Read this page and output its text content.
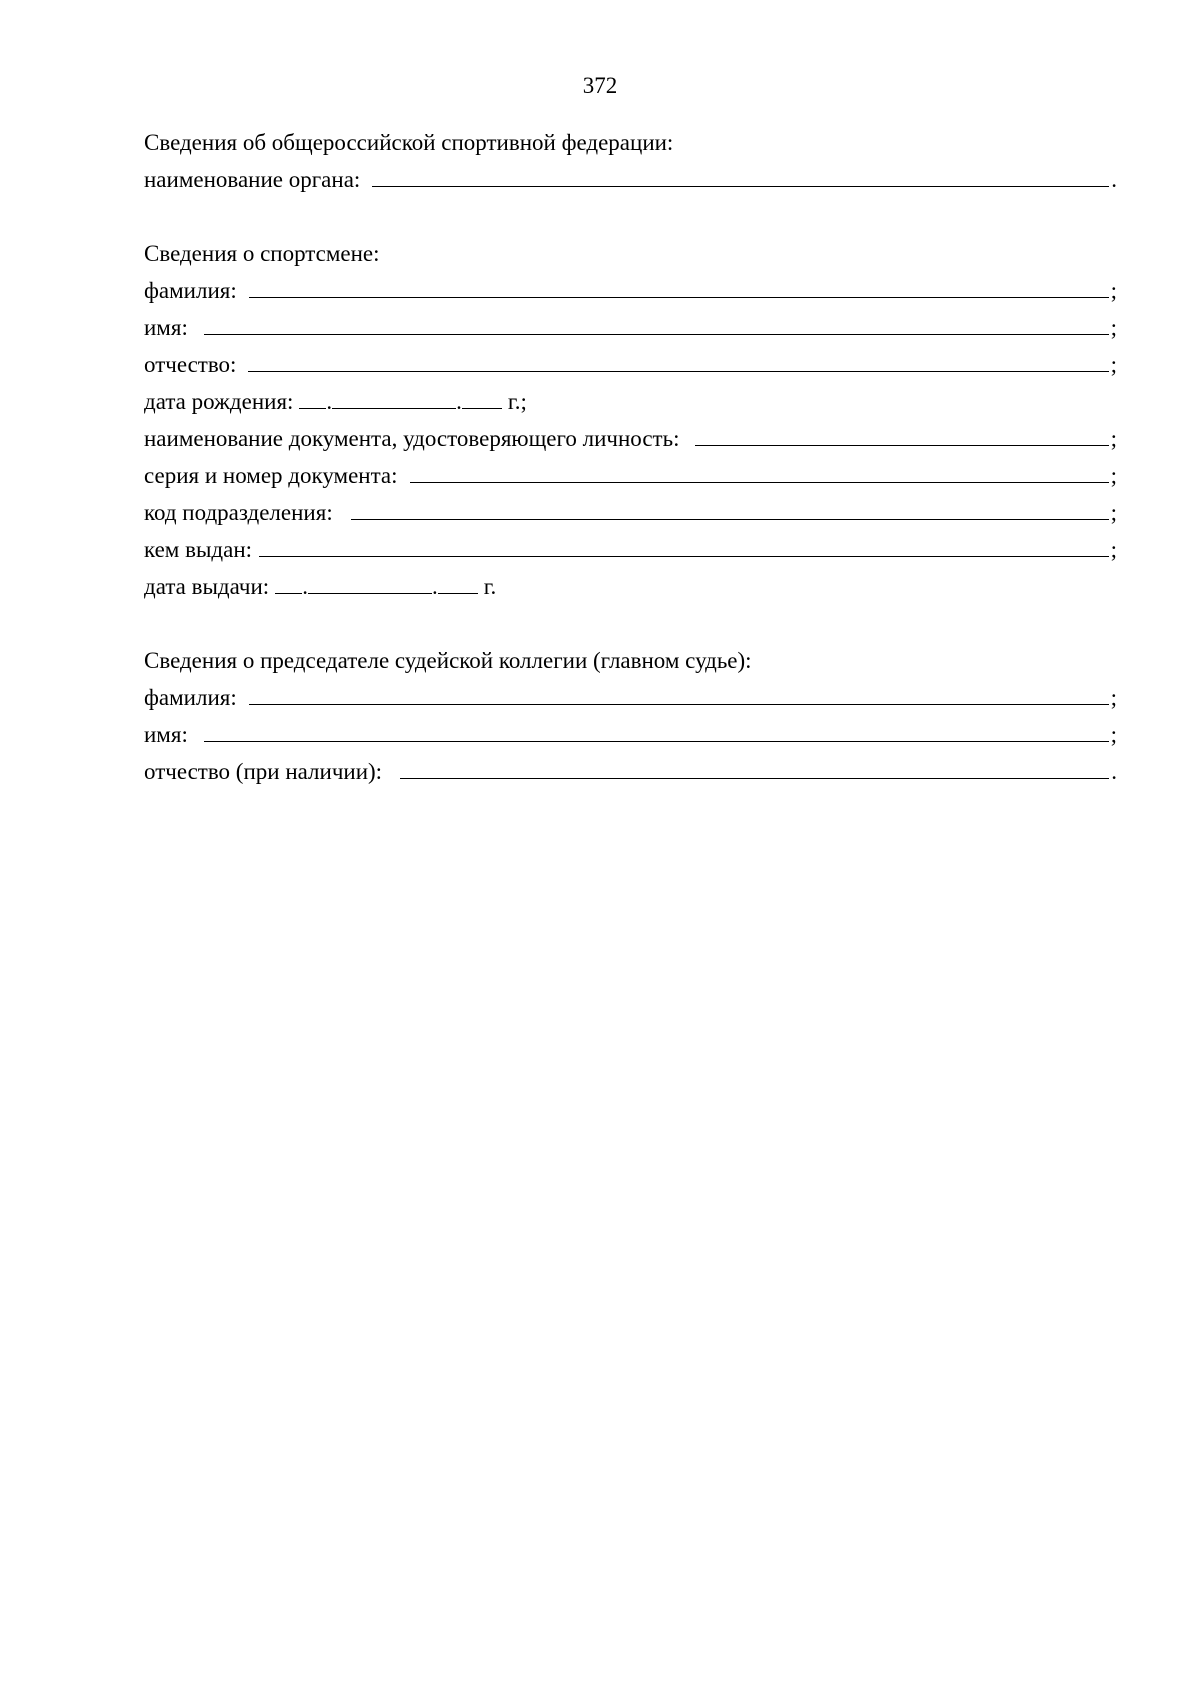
372
Сведения об общероссийской спортивной федерации:
наименование органа:	.
Сведения о спортсмене:
фамилия:	;
имя:	;
отчество:	;
дата рождения: .	. г.;
наименование документа, удостоверяющего личность:	;
серия и номер документа:	;
код подразделения:	;
кем выдан:	;
дата выдачи: .	. г.
Сведения о председателе судейской коллегии (главном судье):
фамилия:	;
имя:	;
отчество (при наличии):	.
